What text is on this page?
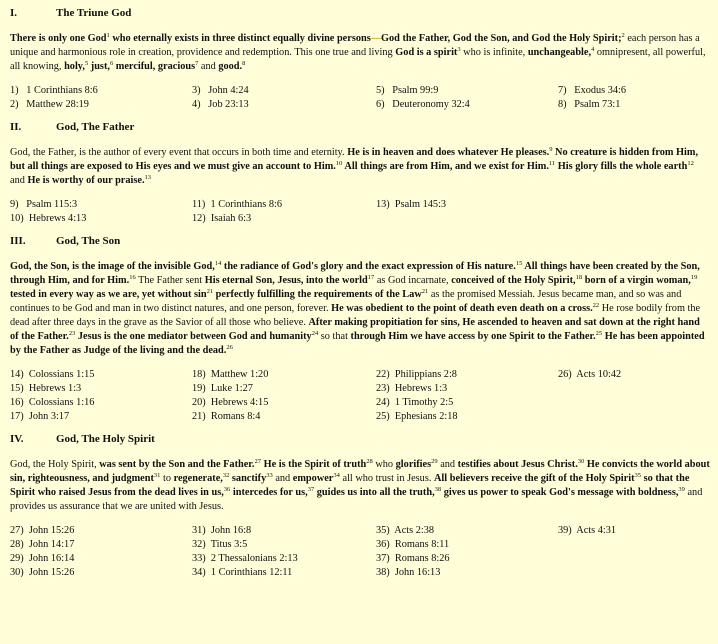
I.	The Triune God

There is only one God$^1$ who eternally exists in three distinct equally divine persons—God the Father, God the Son, and God the Holy Spirit;$^2$ each person has a unique and harmonious role in creation, providence and redemption. This one true and living God is a spirit$^3$ who is infinite, unchangeable,$^4$ omnipresent, all powerful, all knowing, holy,$^5$ just,$^6$ merciful, gracious$^7$ and good.$^8$

1)   1 Corinthians 8:6
2)   Matthew 28:19
3)   John 4:24
4)   Job 23:13
5)   Psalm 99:9
6)   Deuteronomy 32:4
7)   Exodus 34:6
8)   Psalm 73:1
II.	God, The Father

God, the Father, is the author of every event that occurs in both time and eternity. He is in heaven and does whatever He pleases.$^9$ No creature is hidden from Him, but all things are exposed to His eyes and we must give an account to Him.$^{10}$ All things are from Him, and we exist for Him.$^{11}$ His glory fills the whole earth$^{12}$ and He is worthy of our praise.$^{13}$

9)   Psalm 115:3
10)  Hebrews 4:13
11)  1 Corinthians 8:6
12)  Isaiah 6:3
13)  Psalm 145:3
III.	God, The Son

God, the Son, is the image of the invisible God,$^{14}$ the radiance of God's glory and the exact expression of His nature.$^{15}$ All things have been created by the Son, through Him, and for Him.$^{16}$ The Father sent His eternal Son, Jesus, into the world$^{17}$ as God incarnate, conceived of the Holy Spirit,$^{18}$ born of a virgin woman,$^{19}$ tested in every way as we are, yet without $\sin^{21}$ perfectly fulfilling the requirements of the Law$^{21}$ as the promised Messiah. Jesus became man, and so was and continues to be God and man in two distinct natures, and one person, forever. He was obedient to the point of death even death on a cross.$^{22}$ He rose bodily from the dead after three days in the grave as the Savior of all those who believe. After making propitiation for sins, He ascended to heaven and sat down at the right hand of the Father.$^{23}$ Jesus is the one mediator between God and humanity$^{24}$ so that through Him we have access by one Spirit to the Father.$^{25}$ He has been appointed by the Father as Judge of the living and the dead.$^{26}$

14)  Colossians 1:15
15)  Hebrews 1:3
16)  Colossians 1:16
17)  John 3:17
18)  Matthew 1:20
19)  Luke 1:27
20)  Hebrews 4:15
21)  Romans 8:4
22)  Philippians 2:8
23)  Hebrews 1:3
24)  1 Timothy 2:5
25)  Ephesians 2:18
26)  Acts 10:42
IV.	God, The Holy Spirit

God, the Holy Spirit, was sent by the Son and the Father.$^{27}$ He is the Spirit of truth$^{28}$ who glorifies$^{29}$ and testifies about Jesus Christ.$^{30}$ He convicts the world about sin, righteousness, and judgment$^{31}$ to regenerate,$^{32}$ sanctify$^{33}$ and empower$^{34}$ all who trust in Jesus. All believers receive the gift of the Holy Spirit$^{35}$ so that the Spirit who raised Jesus from the dead lives in us,$^{36}$ intercedes for us,$^{37}$ guides us into all the truth,$^{38}$ gives us power to speak God's message with boldness,$^{39}$ and provides us assurance that we are united with Jesus.

27)  John 15:26
28)  John 14:17
29)  John 16:14
30)  John 15:26
31)  John 16:8
32)  Titus 3:5
33)  2 Thessalonians 2:13
34)  1 Corinthians 12:11
35)  Acts 2:38
36)  Romans 8:11
37)  Romans 8:26
38)  John 16:13
39)  Acts 4:31
